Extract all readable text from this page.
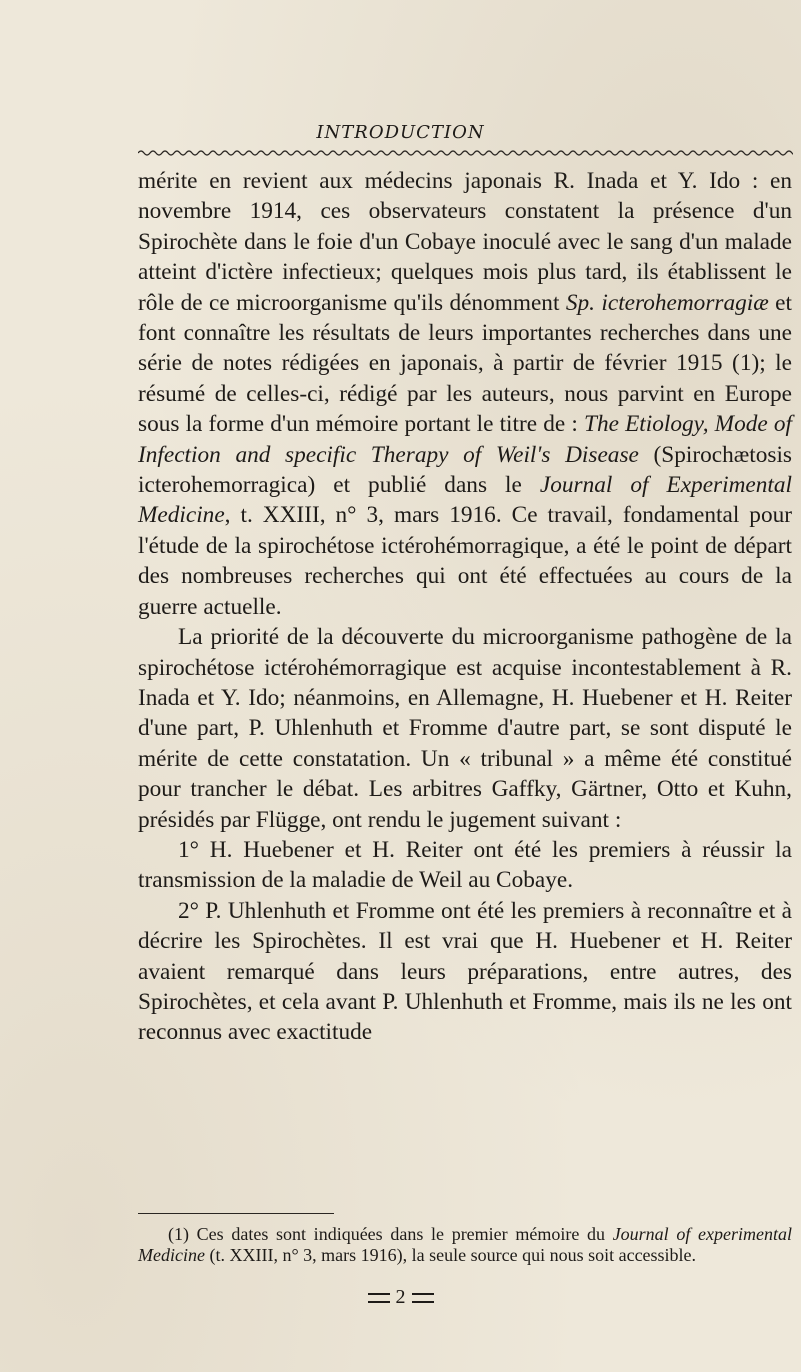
INTRODUCTION

mérite en revient aux médecins japonais R. Inada et Y. Ido : en novembre 1914, ces observateurs constatent la présence d'un Spirochète dans le foie d'un Cobaye inoculé avec le sang d'un malade atteint d'ictère infectieux; quelques mois plus tard, ils établissent le rôle de ce microorganisme qu'ils dénomment Sp. icterohemorragiæ et font connaître les résultats de leurs importantes recherches dans une série de notes rédigées en japonais, à partir de février 1915 (1); le résumé de celles-ci, rédigé par les auteurs, nous parvint en Europe sous la forme d'un mémoire portant le titre de : The Etiology, Mode of Infection and specific Therapy of Weil's Disease (Spirochætosis icterohemorragica) et publié dans le Journal of Experimental Medicine, t. XXIII, n° 3, mars 1916. Ce travail, fondamental pour l'étude de la spirochétose ictérohémorragique, a été le point de départ des nombreuses recherches qui ont été effectuées au cours de la guerre actuelle.

La priorité de la découverte du microorganisme pathogène de la spirochétose ictérohémorragique est acquise incontestablement à R. Inada et Y. Ido; néanmoins, en Allemagne, H. Huebener et H. Reiter d'une part, P. Uhlenhuth et Fromme d'autre part, se sont disputé le mérite de cette constatation. Un « tribunal » a même été constitué pour trancher le débat. Les arbitres Gaffky, Gärtner, Otto et Kuhn, présidés par Flügge, ont rendu le jugement suivant :

1° H. Huebener et H. Reiter ont été les premiers à réussir la transmission de la maladie de Weil au Cobaye.

2° P. Uhlenhuth et Fromme ont été les premiers à reconnaître et à décrire les Spirochètes. Il est vrai que H. Huebener et H. Reiter avaient remarqué dans leurs préparations, entre autres, des Spirochètes, et cela avant P. Uhlenhuth et Fromme, mais ils ne les ont reconnus avec exactitude

(1) Ces dates sont indiquées dans le premier mémoire du Journal of experimental Medicine (t. XXIII, n° 3, mars 1916), la seule source qui nous soit accessible.
2
